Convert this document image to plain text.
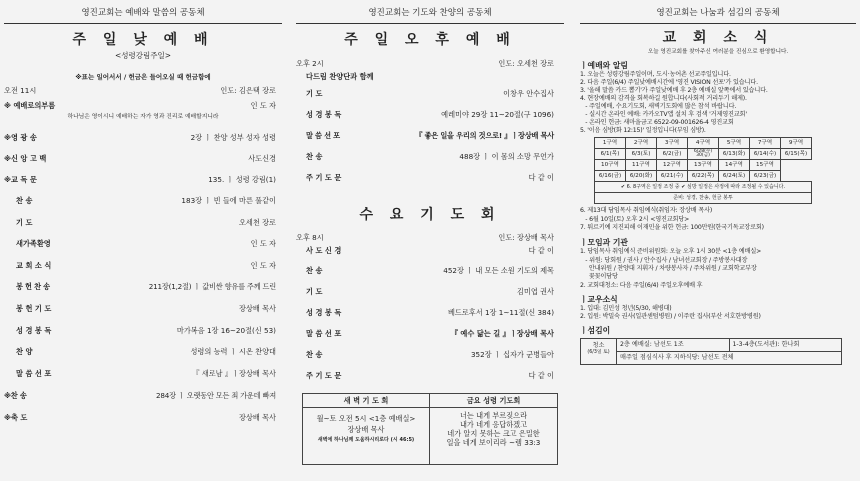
영진교회는 예배와 말씀의 공동체
주 일 낮 예 배
<성령강림주일>
※표는 일어서서 / 헌금은 들어오실 때 헌금함에
오전 11시	인도: 김은택 장로
※ 예배로의부름	인 도 자
하나님은 영이시니 예배하는 자가 영과 진리로 예배할지니라
※영 광 송	2장 ㅣ 찬양 성부 성자 성령
※신 앙 고 백	사도신경
※교 독 문	135. ㅣ 성령 강림(1)
찬 송	183장 ㅣ 빈 들에 마른 풀같이
기 도	오세천 장로
새가족환영	인 도 자
교 회 소 식	인 도 자
봉 헌 찬 송	211장(1,2절) ㅣ 값비싼 향유를 주께 드린
봉 헌 기 도	장상배 목사
성 경 봉 독	마가복음 1장 16~20절(신 53)
찬 양	성령의 능력 ㅣ 시온 찬양대
말 씀 선 포	『 새로남 』ㅣ장상배 목사
※찬 송	284장 ㅣ 오랫동안 모든 죄 가운데 빠져
※축 도	장상배 목사
영진교회는 기도와 찬양의 공동체
주 일 오 후 예 배
오후 2시	인도: 오세천 장로
다드림 찬양단과 함께
기 도	이창우 안수집사
성 경 봉 독	예레미야 29장 11~20절(구 1096)
말 씀 선 포	『 좋은 일을 우리의 것으로! 』ㅣ장상배 목사
찬 송	488장 ㅣ 이 몸의 소망 무언가
주 기 도 문	다 같 이
수 요 기 도 회
오후 8시	인도: 장상배 목사
사 도 신 경	다 같 이
찬 송	452장 ㅣ 내 모든 소원 기도의 제목
기 도	김미엽 권사
성 경 봉 독	베드로후서 1장 1~11절(신 384)
말 씀 선 포	『 예수 닮는 길 』ㅣ장상배 목사
찬 송	352장 ㅣ 십자가 군병들아
주 기 도 문	다 같 이
새 벽 기 도 회
월~토 오전 5시 <1층 예배실>
장상배 목사
새벽에 하나님께 도움하시리로다 (시 46:5)
금요 성령 기도회
너는 내게 부르짖으라
내가 네게 응답하겠고
네가 알지 못하는 크고 은밀한
일을 네게 보이리라 ~렘 33:3
영진교회는 나눔과 섬김의 공동체
교 회 소 식
오늘 영진교회를 찾아주신 여러분을 진심으로 환영합니다.
ㅣ예배와 알림
1. 오늘은 성령강림주일이며, 도시·농어촌 선교주일입니다.
2. 다음 주일(6/4) 주일낮예배시간에 '영진 VISION 선포'가 있습니다.
3. '올해 말씀 카드 뽑기'가 주일낮예배 후 2층 예배실 앞쪽에서 있습니다.
4. 현장예배의 감격을 회복하길 원합니다(사회적 거리두기 해제).
- 주일예배, 수요기도회, 새벽기도회에 많은 참석 바랍니다.
- 실시간 온라인 예배: 카카오TV앱 설치 후 검색 '거제영진교회'
- 온라인 헌금: 새마을금고 6522-09-001626-4 영진교회
5. '이음 심방(화 12:15)' 일정입니다(부임 심방).
1구역	2구역	3구역	4구역	5구역	7구역	9구역
6/1(목)	6/3(토)	6/2(금)	6/28(수) 30(금)	6/13(화)	6/14(수)	6/15(목)
10구역	11구역	12구역	13구역	14구역	15구역	
6/16(금)	6/20(화)	6/21(수)	6/22(목)	6/24(토)	6/23(금)	
✔ 6. 8구역은 일정 조정 중 ✔ 심방 일정은 사정에 따라 조정될 수 있습니다.						
준비: 성경, 찬송, 헌금 봉투						
6. 제13대 담임목사 취임예식(취임자: 장상배 목사)
- 6월 10일(토) 오후 2시 <영진교회당>
7. 튀르키예 지진피해 이재민을 위한 헌금: 100만원(한국기독교장로회)
ㅣ모임과 기관
1. 당임목사 취임예식 준비위원회: 오늘 오후 1시 30분 <1층 예배실>
- 위원: 당회원 / 권사 / 안수집사 / 남녀선교회장 / 주방봉사대장
안내위원 / 찬양대 지휘자 / 차량봉사자 / 주차위원 / 교회학교부장
꽃꽂이담당
2. 교회대청소: 다음 주일(6/4) 주일오후예배 후
ㅣ교우소식
1. 입대: 김민성 청년(5/30, 해병대)
2. 입원: 박밀숙 권사(일관센텀병원) / 이주란 집사(부산 서호한방병원)
ㅣ섬김이
청소
(6/3일 토)
2층 예배실: 남선도 1조	1-3-4층(도서관): 한나회
매주일 점심식사 후 지하식당: 남선도 전체
